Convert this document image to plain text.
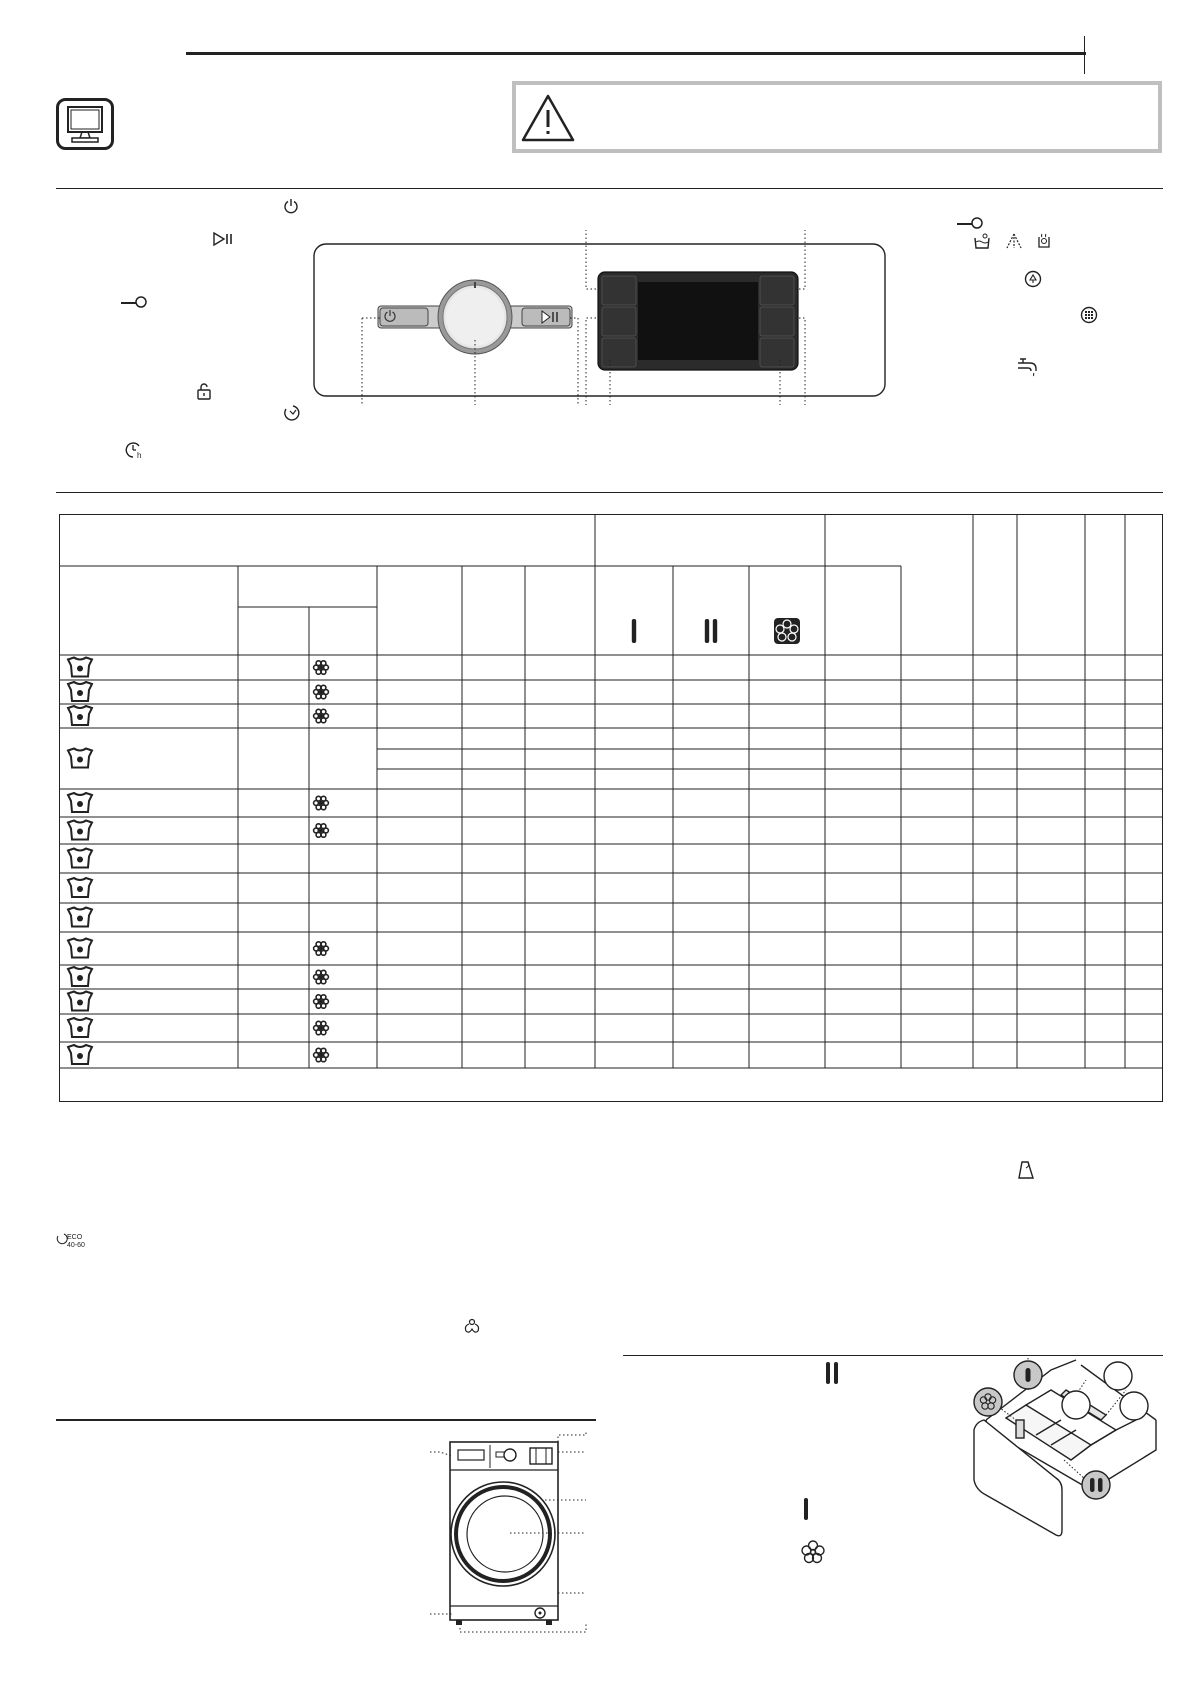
h
ECO
40-60
